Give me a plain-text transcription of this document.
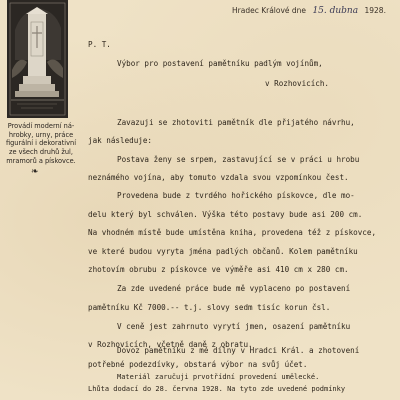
Provádí moderní ná-
hrobky, urny, práce
figurální i dekorativní
ze všech druhů žul,
mramorů a pískovce.
❧
Hradec Králové dne 15. dubna 1928.
P. T.
Výbor pro postavení pamětníku padlým vojínům,
v Rozhovicích.
Zavazuji se zhotoviti pamětník dle přijatého návrhu,
jak následuje:
Postava ženy se srpem, zastavující se v práci u hrobu
neznámého vojína, aby tomuto vzdala svou vzpomínkou čest.
Provedena bude z tvrdého hořického pískovce, dle mo-
delu který byl schválen. Výška této postavy bude asi 200 cm.
Na vhodném místě bude umístěna kniha, provedena též z pískovce,
ve které budou vyryta jména padlých občanů. Kolem pamětníku
zhotovím obrubu z pískovce ve výměře asi 410 cm x 280 cm.
Za zde uvedené práce bude mě vyplaceno po postavení
pamětníku Kč 7000.-- t.j. slovy sedm tisíc korun čsl.
V ceně jest zahrnuto vyrytí jmen, osazení pamětníku
v Rozhovicích, včetně daně z obratu.
Dovoz pamětníku z mé dílny v Hradci Král. a zhotovení
potřebné podezdívky, obstará výbor na svůj účet.
Lhůta dodací do 28. června 1928. Na tyto zde uvedené podmínky
Materiál zaručuji prvotřídní provedení umělecké.
